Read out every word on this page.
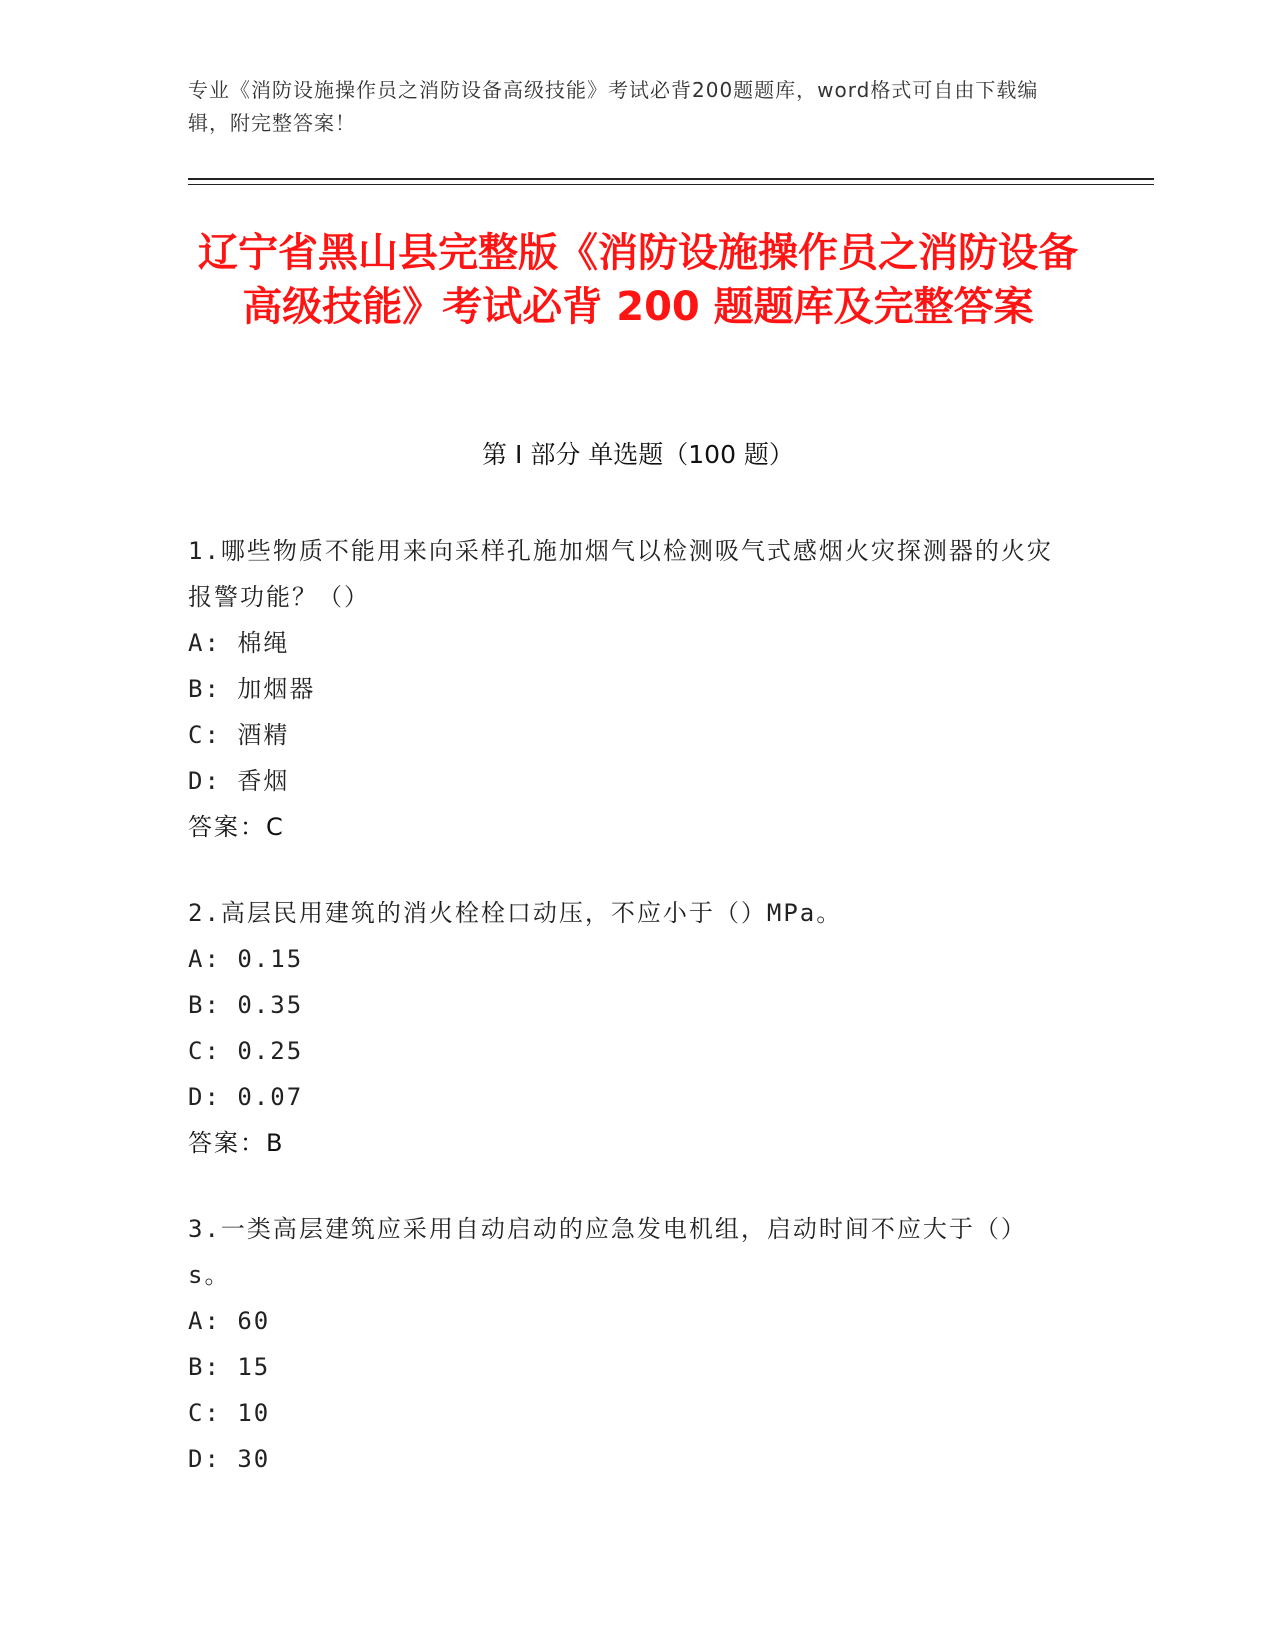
专业《消防设施操作员之消防设备高级技能》考试必背200题题库，word格式可自由下载编辑，附完整答案！
辽宁省黑山县完整版《消防设施操作员之消防设备高级技能》考试必背 200 题题库及完整答案
第 I 部分 单选题（100 题）
1.哪些物质不能用来向采样孔施加烟气以检测吸气式感烟火灾探测器的火灾报警功能？（）
A: 棉绳
B: 加烟器
C: 酒精
D: 香烟
答案：C
2.高层民用建筑的消火栓栓口动压，不应小于（）MPa。
A: 0.15
B: 0.35
C: 0.25
D: 0.07
答案：B
3.一类高层建筑应采用自动启动的应急发电机组，启动时间不应大于（）s。
A: 60
B: 15
C: 10
D: 30
